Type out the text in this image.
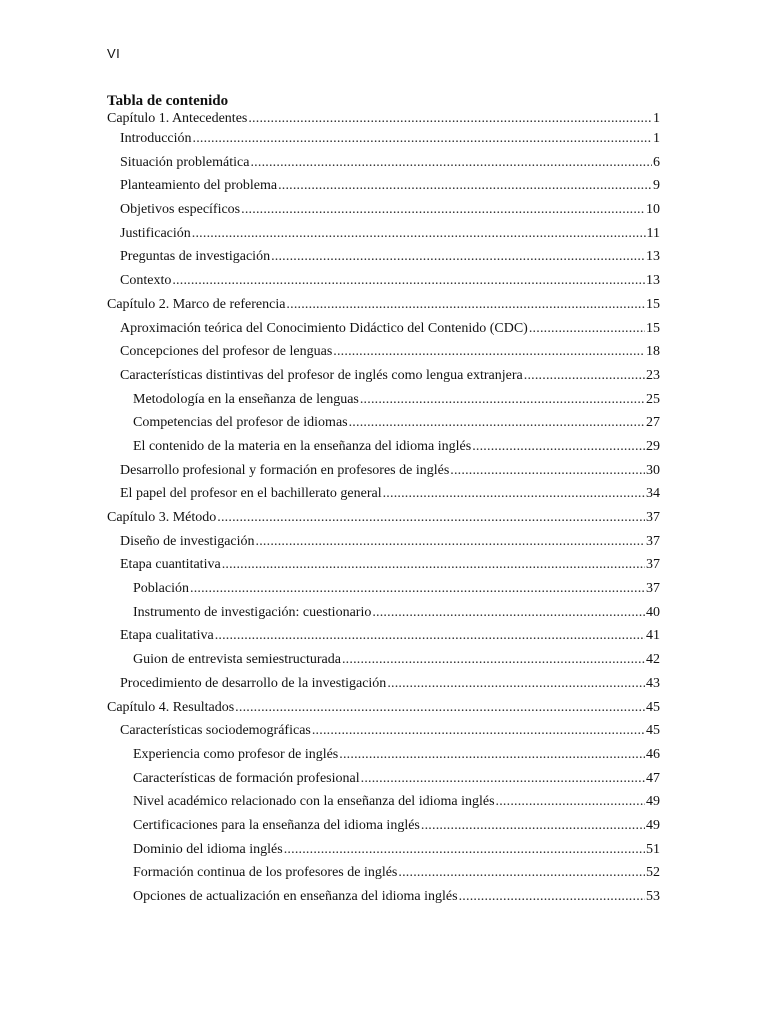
VI
Tabla de contenido
Capítulo 1. Antecedentes .....	1
Introducción .....	1
Situación problemática .....	6
Planteamiento del problema .....	9
Objetivos específicos .....	10
Justificación .....	11
Preguntas de investigación .....	13
Contexto .....	13
Capítulo 2. Marco de referencia .....	15
Aproximación teórica del Conocimiento Didáctico del Contenido (CDC) .....	15
Concepciones del profesor de lenguas .....	18
Características distintivas del profesor de inglés como lengua extranjera .....	23
Metodología en la enseñanza de lenguas .....	25
Competencias del profesor de idiomas .....	27
El contenido de la materia en la enseñanza del idioma inglés .....	29
Desarrollo profesional y formación en profesores de inglés .....	30
El papel del profesor en el bachillerato general .....	34
Capítulo 3. Método .....	37
Diseño de investigación .....	37
Etapa cuantitativa .....	37
Población .....	37
Instrumento de investigación: cuestionario .....	40
Etapa cualitativa .....	41
Guion de entrevista semiestructurada .....	42
Procedimiento de desarrollo de la investigación .....	43
Capítulo 4. Resultados .....	45
Características sociodemográficas .....	45
Experiencia como profesor de inglés .....	46
Características de formación profesional .....	47
Nivel académico relacionado con la enseñanza del idioma inglés .....	49
Certificaciones para la enseñanza del idioma inglés .....	49
Dominio del idioma inglés .....	51
Formación continua de los profesores de inglés .....	52
Opciones de actualización en enseñanza del idioma inglés .....	53
